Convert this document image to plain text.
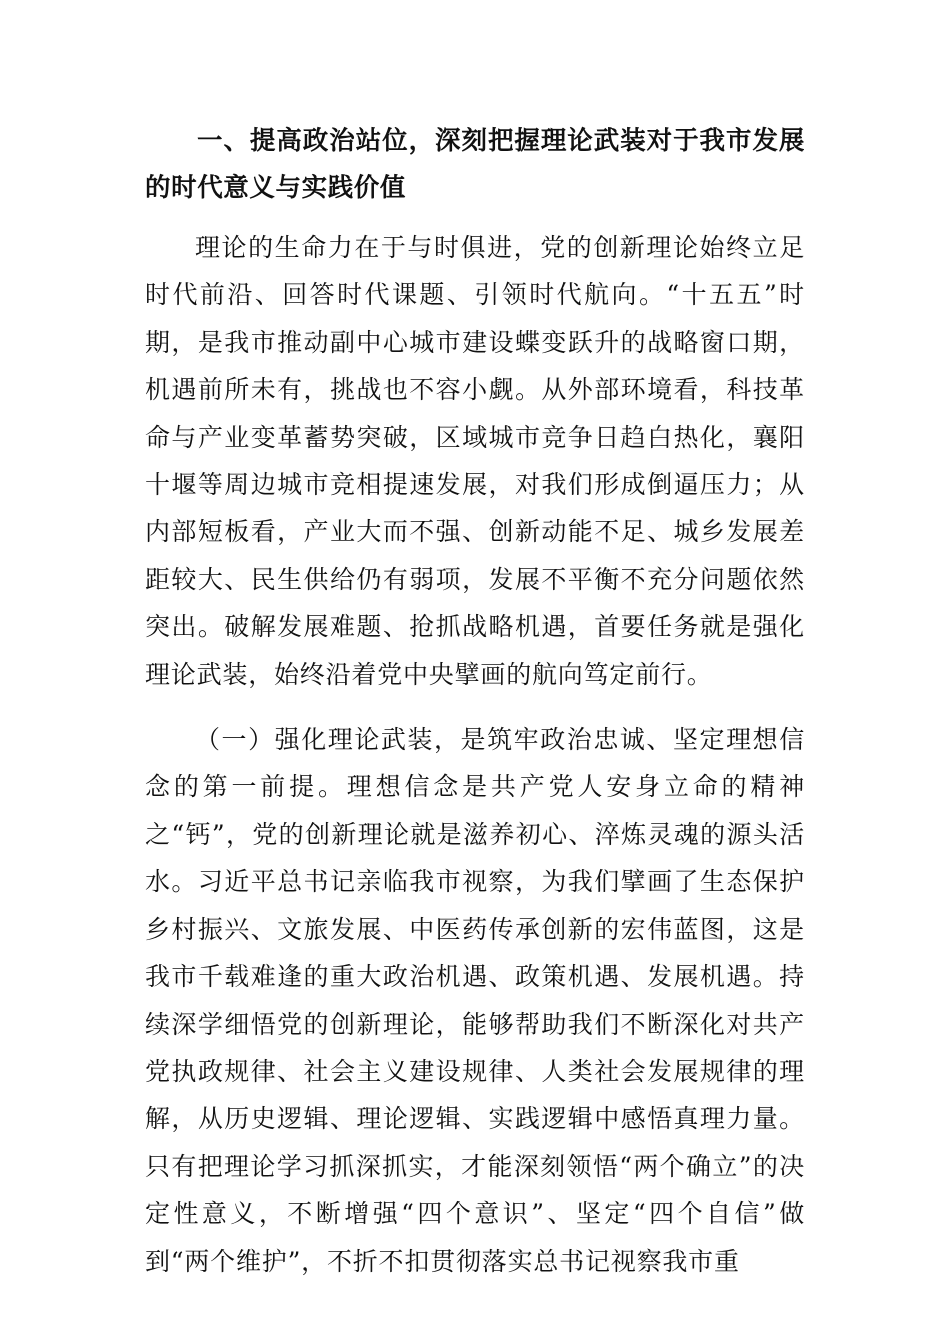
一、提高政治站位，深刻把握理论武装对于我市发展的时代意义与实践价值

理论的生命力在于与时俱进，党的创新理论始终立足时代前沿、回答时代课题、引领时代航向。“十五五”时期，是我市推动副中心城市建设蝶变跃升的战略窗口期，机遇前所未有，挑战也不容小觑。从外部环境看，科技革命与产业变革蓄势突破，区域城市竞争日趋白热化，襄阳十堰等周边城市竞相提速发展，对我们形成倒逼压力；从内部短板看，产业大而不强、创新动能不足、城乡发展差距较大、民生供给仍有弱项，发展不平衡不充分问题依然突出。破解发展难题、抢抓战略机遇，首要任务就是强化理论武装，始终沿着党中央擘画的航向笃定前行。

（一）强化理论武装，是筑牢政治忠诚、坚定理想信念的第一前提。理想信念是共产党人安身立命的精神之“钙”，党的创新理论就是滋养初心、淬炼灵魂的源头活水。习近平总书记亲临我市视察，为我们擘画了生态保护乡村振兴、文旅发展、中医药传承创新的宏伟蓝图，这是我市千载难逢的重大政治机遇、政策机遇、发展机遇。持续深学细悟党的创新理论，能够帮助我们不断深化对共产党执政规律、社会主义建设规律、人类社会发展规律的理解，从历史逻辑、理论逻辑、实践逻辑中感悟真理力量。只有把理论学习抓深抓实，才能深刻领悟“两个确立”的决定性意义，不断增强“四个意识”、坚定“四个自信”做到“两个维护”，不折不扣贯彻落实总书记视察我市重
